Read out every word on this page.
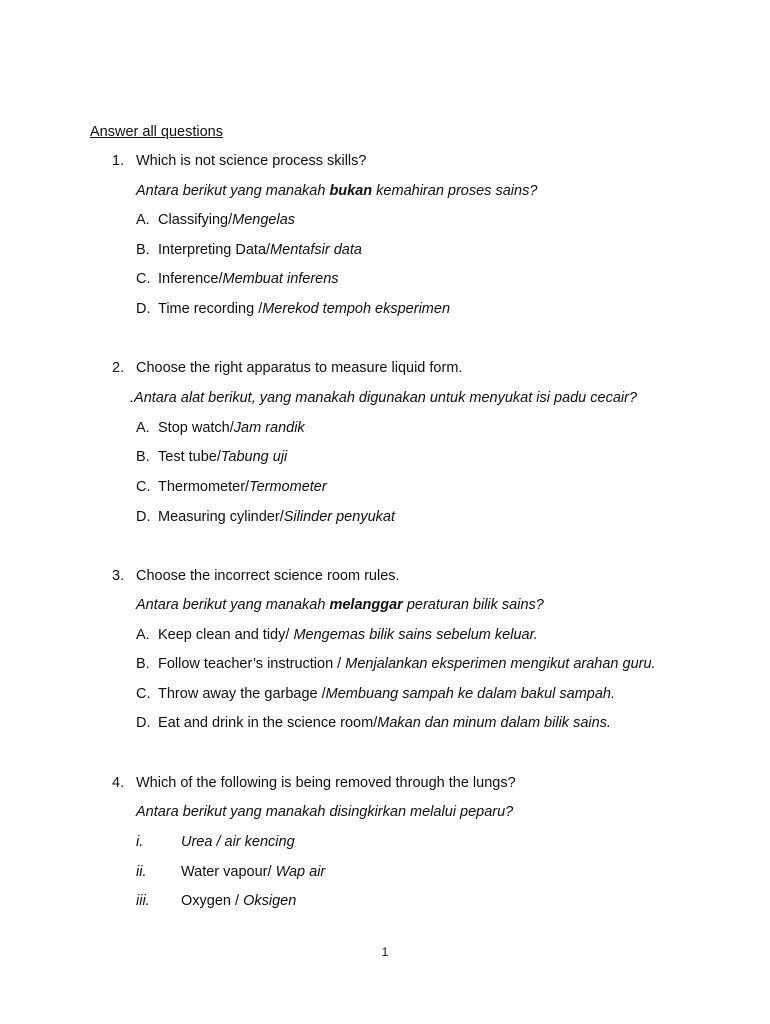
Answer all questions
1. Which is not science process skills?
Antara berikut yang manakah bukan kemahiran proses sains?
A. Classifying/Mengelas
B. Interpreting Data/Mentafsir data
C. Inference/Membuat inferens
D. Time recording /Merekod tempoh eksperimen
2. Choose the right apparatus to measure liquid form.
.Antara alat berikut, yang manakah digunakan untuk menyukat isi padu cecair?
A. Stop watch/Jam randik
B. Test tube/Tabung uji
C. Thermometer/Termometer
D. Measuring cylinder/Silinder penyukat
3. Choose the incorrect science room rules.
Antara berikut yang manakah melanggar peraturan bilik sains?
A. Keep clean and tidy/ Mengemas bilik sains sebelum keluar.
B. Follow teacher’s instruction / Menjalankan eksperimen mengikut arahan guru.
C. Throw away the garbage /Membuang sampah ke dalam bakul sampah.
D. Eat and drink in the science room/Makan dan minum dalam bilik sains.
4. Which of the following is being removed through the lungs?
Antara berikut yang manakah disingkirkan melalui peparu?
i.	Urea / air kencing
ii. Water vapour/ Wap air
iii. Oxygen / Oksigen
1
